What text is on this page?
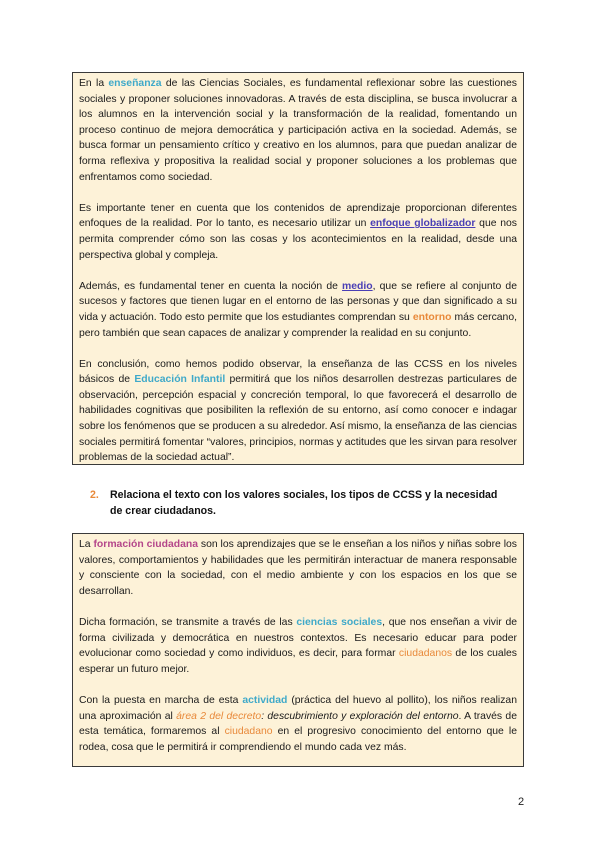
En la enseñanza de las Ciencias Sociales, es fundamental reflexionar sobre las cuestiones sociales y proponer soluciones innovadoras. A través de esta disciplina, se busca involucrar a los alumnos en la intervención social y la transformación de la realidad, fomentando un proceso continuo de mejora democrática y participación activa en la sociedad. Además, se busca formar un pensamiento crítico y creativo en los alumnos, para que puedan analizar de forma reflexiva y propositiva la realidad social y proponer soluciones a los problemas que enfrentamos como sociedad.

Es importante tener en cuenta que los contenidos de aprendizaje proporcionan diferentes enfoques de la realidad. Por lo tanto, es necesario utilizar un enfoque globalizador que nos permita comprender cómo son las cosas y los acontecimientos en la realidad, desde una perspectiva global y compleja.

Además, es fundamental tener en cuenta la noción de medio, que se refiere al conjunto de sucesos y factores que tienen lugar en el entorno de las personas y que dan significado a su vida y actuación. Todo esto permite que los estudiantes comprendan su entorno más cercano, pero también que sean capaces de analizar y comprender la realidad en su conjunto.

En conclusión, como hemos podido observar, la enseñanza de las CCSS en los niveles básicos de Educación Infantil permitirá que los niños desarrollen destrezas particulares de observación, percepción espacial y concreción temporal, lo que favorecerá el desarrollo de habilidades cognitivas que posibiliten la reflexión de su entorno, así como conocer e indagar sobre los fenómenos que se producen a su alrededor. Así mismo, la enseñanza de las ciencias sociales permitirá fomentar “valores, principios, normas y actitudes que les sirvan para resolver problemas de la sociedad actual”.

2. Relaciona el texto con los valores sociales, los tipos de CCSS y la necesidad
de crear ciudadanos.

La formación ciudadana son los aprendizajes que se le enseñan a los niños y niñas sobre los valores, comportamientos y habilidades que les permitirán interactuar de manera responsable y consciente con la sociedad, con el medio ambiente y con los espacios en los que se desarrollan.

Dicha formación, se transmite a través de las ciencias sociales, que nos enseñan a vivir de forma civilizada y democrática en nuestros contextos. Es necesario educar para poder evolucionar como sociedad y como individuos, es decir, para formar ciudadanos de los cuales esperar un futuro mejor.

Con la puesta en marcha de esta actividad (práctica del huevo al pollito), los niños realizan una aproximación al área 2 del decreto: descubrimiento y exploración del entorno. A través de esta temática, formaremos al ciudadano en el progresivo conocimiento del entorno que le rodea, cosa que le permitirá ir comprendiendo el mundo cada vez más.

2
